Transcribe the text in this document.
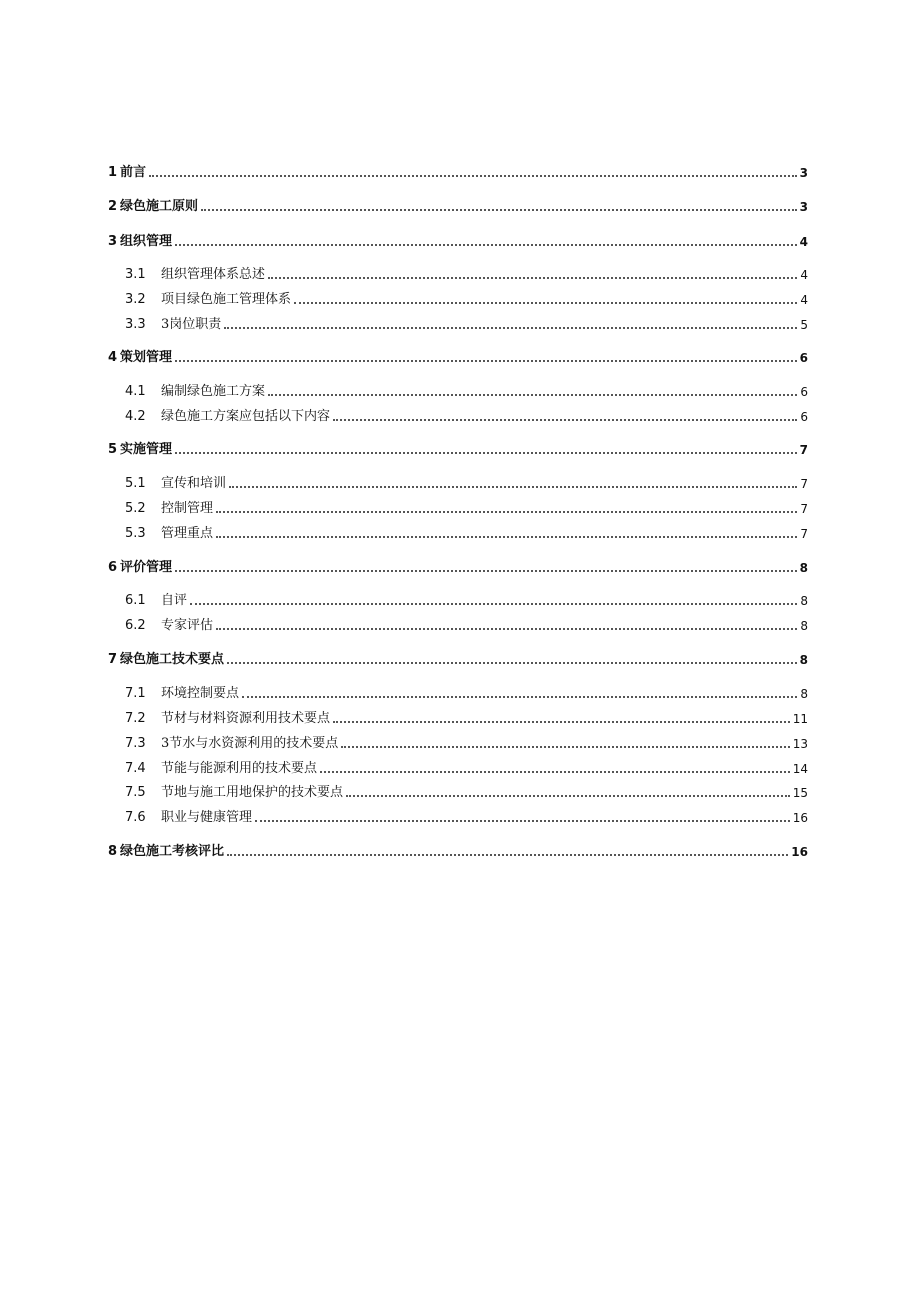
1 前言	3
2 绿色施工原则	3
3 组织管理	4
3.1	组织管理体系总述	4
3.2	项目绿色施工管理体系	4
3.3	3岗位职责	5
4 策划管理	6
4.1	编制绿色施工方案	6
4.2	绿色施工方案应包括以下内容	6
5 实施管理	7
5.1	宣传和培训	7
5.2	控制管理	7
5.3	管理重点	7
6 评价管理	8
6.1	自评	8
6.2	专家评估	8
7 绿色施工技术要点	8
7.1	环境控制要点	8
7.2	节材与材料资源利用技术要点	11
7.3	3节水与水资源利用的技术要点	13
7.4	节能与能源利用的技术要点	14
7.5	节地与施工用地保护的技术要点	15
7.6	职业与健康管理	16
8 绿色施工考核评比	16
